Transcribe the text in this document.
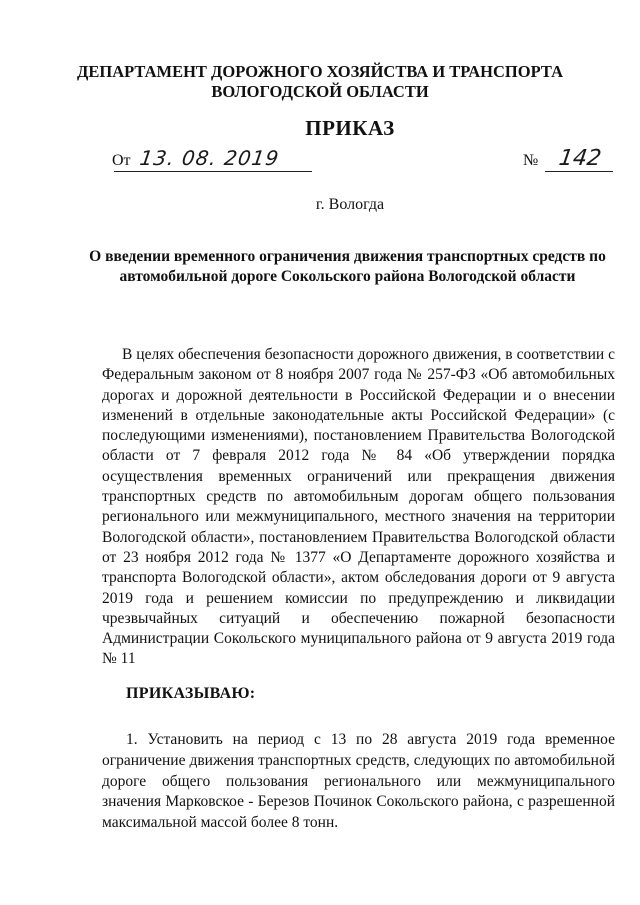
ДЕПАРТАМЕНТ ДОРОЖНОГО ХОЗЯЙСТВА И ТРАНСПОРТА
ВОЛОГОДСКОЙ ОБЛАСТИ
ПРИКАЗ
От 13. 08. 2019	№ 142
г. Вологда
О введении временного ограничения движения транспортных средств по
автомобильной дороге Сокольского района Вологодской области

В целях обеспечения безопасности дорожного движения, в соответствии с Федеральным законом от 8 ноября 2007 года № 257-ФЗ «Об автомобильных дорогах и дорожной деятельности в Российской Федерации и о внесении изменений в отдельные законодательные акты Российской Федерации» (с последующими изменениями), постановлением Правительства Вологодской области от 7 февраля 2012 года № 84 «Об утверждении порядка осуществления временных ограничений или прекращения движения транспортных средств по автомобильным дорогам общего пользования регионального или межмуниципального, местного значения на территории Вологодской области», постановлением Правительства Вологодской области от 23 ноября 2012 года № 1377 «О Департаменте дорожного хозяйства и транспорта Вологодской области», актом обследования дороги от 9 августа 2019 года и решением комиссии по предупреждению и ликвидации чрезвычайных ситуаций и обеспечению пожарной безопасности Администрации Сокольского муниципального района от 9 августа 2019 года № 11

ПРИКАЗЫВАЮ:

1. Установить на период с 13 по 28 августа 2019 года временное ограничение движения транспортных средств, следующих по автомобильной дороге общего пользования регионального или межмуниципального значения Марковское - Березов Починок Сокольского района, с разрешенной максимальной массой более 8 тонн.
